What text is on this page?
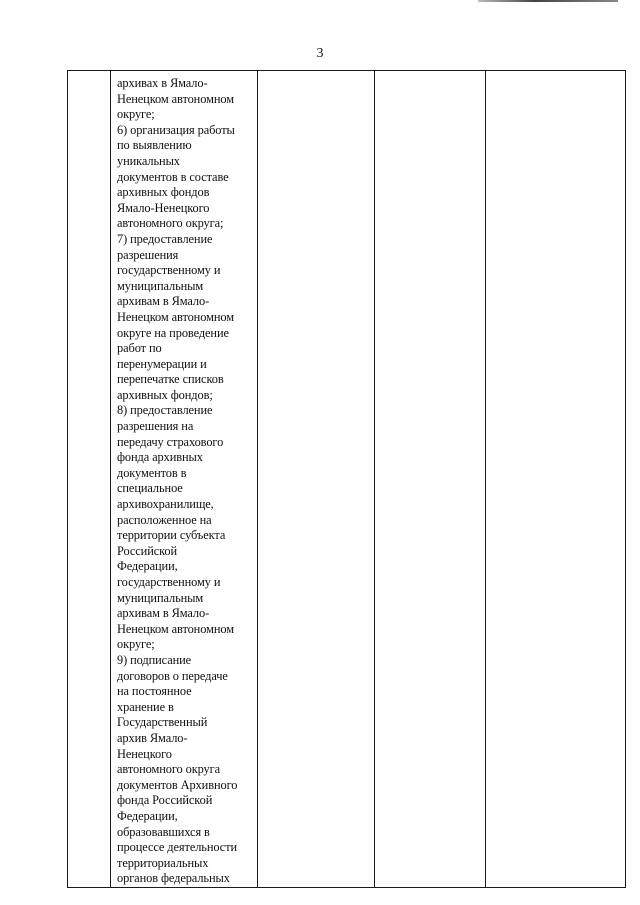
3

архивах в Ямало-
Ненецком автономном
округе;
6) организация работы
по выявлению
уникальных
документов в составе
архивных фондов
Ямало-Ненецкого
автономного округа;
7) предоставление
разрешения
государственному и
муниципальным
архивам в Ямало-
Ненецком автономном
округе на проведение
работ по
перенумерации и
перепечатке списков
архивных фондов;
8) предоставление
разрешения на
передачу страхового
фонда архивных
документов в
специальное
архивохранилище,
расположенное на
территории субъекта
Российской
Федерации,
государственному и
муниципальным
архивам в Ямало-
Ненецком автономном
округе;
9) подписание
договоров о передаче
на постоянное
хранение в
Государственный
архив Ямало-
Ненецкого
автономного округа
документов Архивного
фонда Российской
Федерации,
образовавшихся в
процессе деятельности
территориальных
органов федеральных
